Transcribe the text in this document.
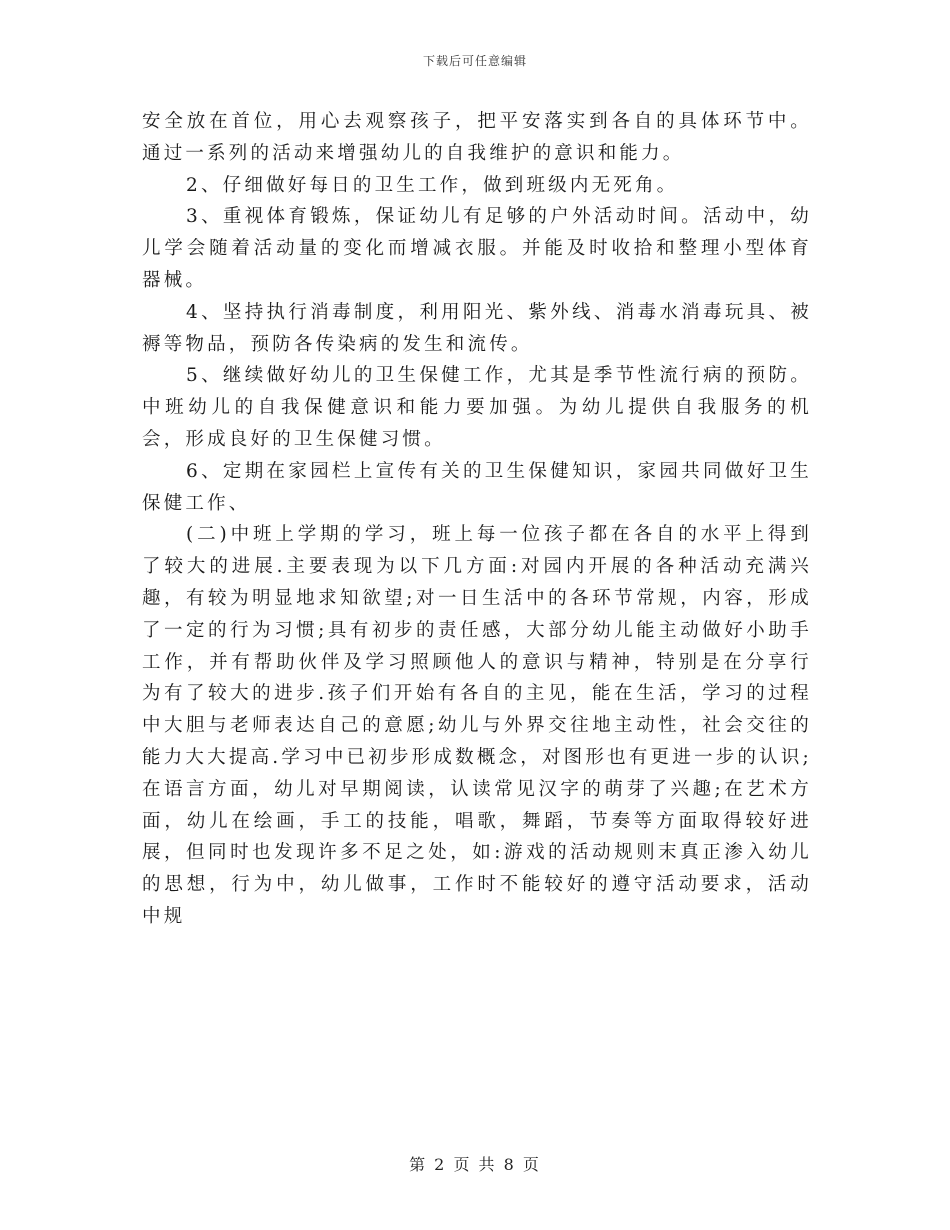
下载后可任意编辑

安全放在首位，用心去观察孩子，把平安落实到各自的具体环节中。通过一系列的活动来增强幼儿的自我维护的意识和能力。

2、仔细做好每日的卫生工作，做到班级内无死角。

3、重视体育锻炼，保证幼儿有足够的户外活动时间。活动中，幼儿学会随着活动量的变化而增减衣服。并能及时收拾和整理小型体育器械。

4、坚持执行消毒制度，利用阳光、紫外线、消毒水消毒玩具、被褥等物品，预防各传染病的发生和流传。

5、继续做好幼儿的卫生保健工作，尤其是季节性流行病的预防。中班幼儿的自我保健意识和能力要加强。为幼儿提供自我服务的机会，形成良好的卫生保健习惯。

6、定期在家园栏上宣传有关的卫生保健知识，家园共同做好卫生保健工作、

(二)中班上学期的学习，班上每一位孩子都在各自的水平上得到了较大的进展.主要表现为以下几方面:对园内开展的各种活动充满兴趣，有较为明显地求知欲望;对一日生活中的各环节常规，内容，形成了一定的行为习惯;具有初步的责任感，大部分幼儿能主动做好小助手工作，并有帮助伙伴及学习照顾他人的意识与精神，特别是在分享行为有了较大的进步.孩子们开始有各自的主见，能在生活，学习的过程中大胆与老师表达自己的意愿;幼儿与外界交往地主动性，社会交往的能力大大提高.学习中已初步形成数概念，对图形也有更进一步的认识;在语言方面，幼儿对早期阅读，认读常见汉字的萌芽了兴趣;在艺术方面，幼儿在绘画，手工的技能，唱歌，舞蹈，节奏等方面取得较好进展，但同时也发现许多不足之处，如:游戏的活动规则末真正渗入幼儿的思想，行为中，幼儿做事，工作时不能较好的遵守活动要求，活动中规

第 2 页 共 8 页
